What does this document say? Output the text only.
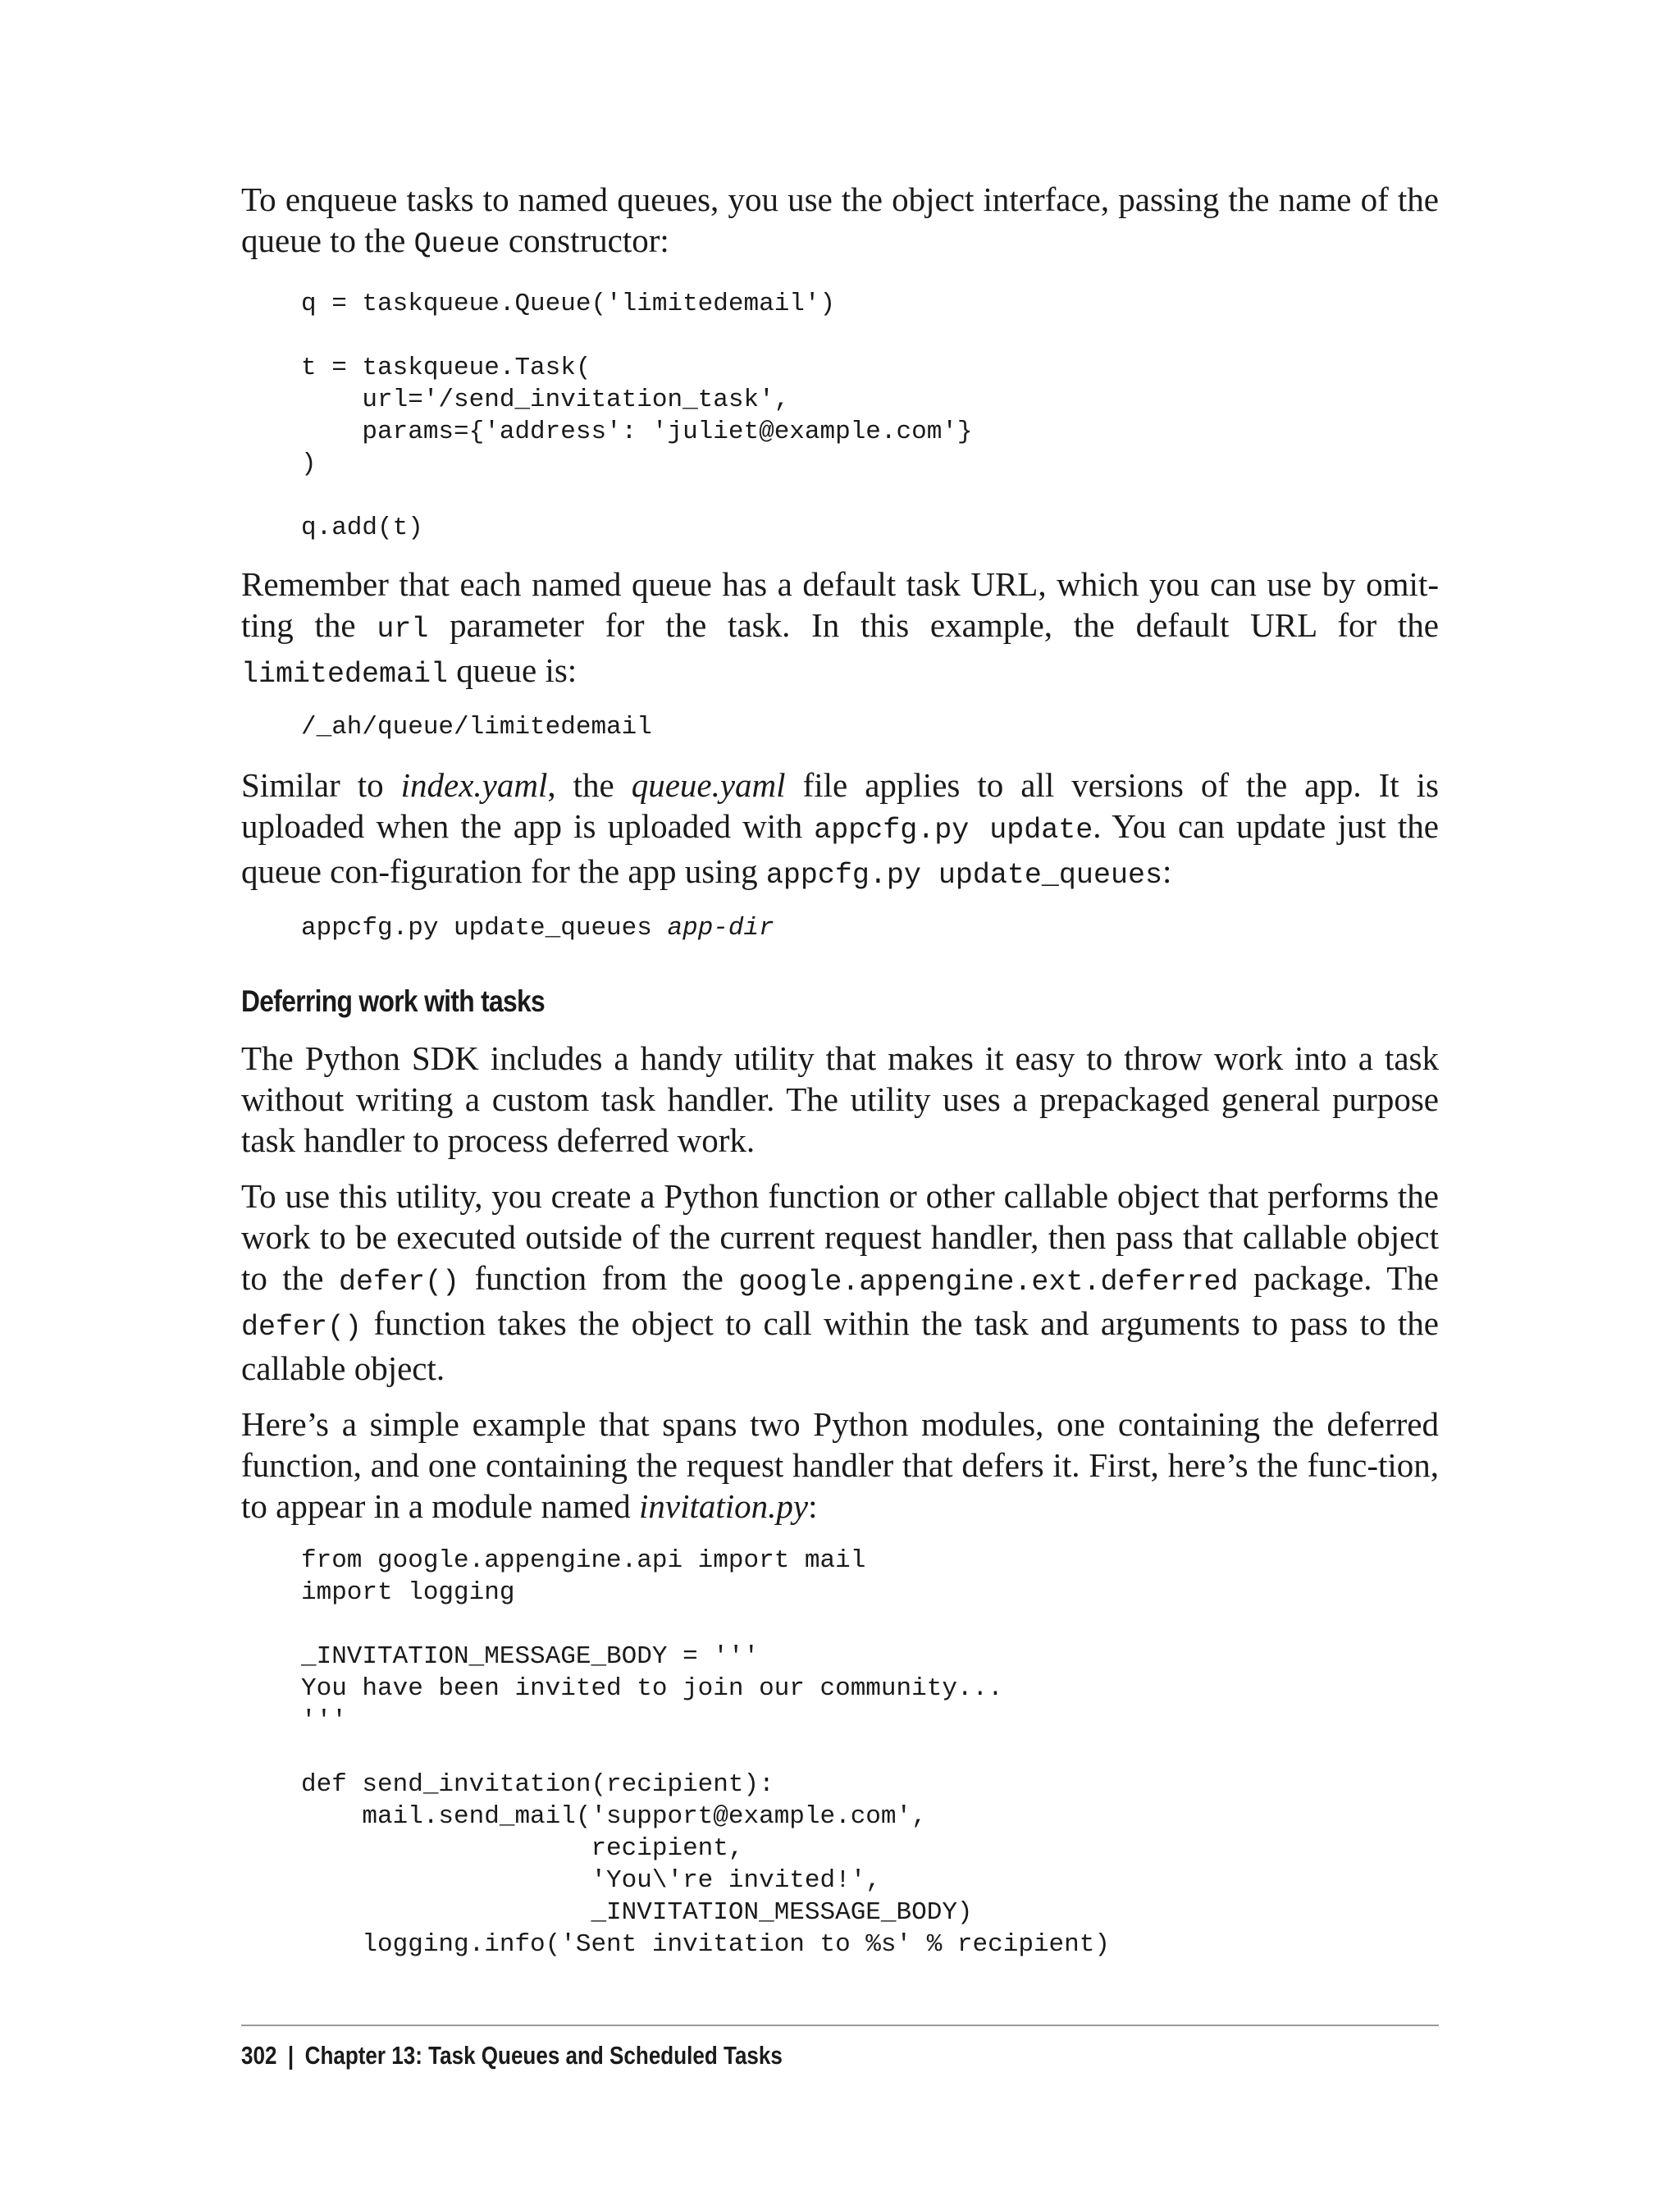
To enqueue tasks to named queues, you use the object interface, passing the name of the queue to the Queue constructor:

q = taskqueue.Queue('limitedemail')

t = taskqueue.Task(
url='/send_invitation_task',
params={'address': 'juliet@example.com'}
)

q.add(t)

Remember that each named queue has a default task URL, which you can use by omit-ting the url parameter for the task. In this example, the default URL for the limitedemail queue is:

/_ah/queue/limitedemail

Similar to index.yaml, the queue.yaml file applies to all versions of the app. It is uploaded when the app is uploaded with appcfg.py update. You can update just the queue con-figuration for the app using appcfg.py update_queues:

appcfg.py update_queues app-dir
Deferring work with tasks

The Python SDK includes a handy utility that makes it easy to throw work into a task without writing a custom task handler. The utility uses a prepackaged general purpose task handler to process deferred work.

To use this utility, you create a Python function or other callable object that performs the work to be executed outside of the current request handler, then pass that callable object to the defer() function from the google.appengine.ext.deferred package. The defer() function takes the object to call within the task and arguments to pass to the callable object.

Here’s a simple example that spans two Python modules, one containing the deferred function, and one containing the request handler that defers it. First, here’s the func-tion, to appear in a module named invitation.py:

from google.appengine.api import mail
import logging

_INVITATION_MESSAGE_BODY = '''
You have been invited to join our community...
'''

def send_invitation(recipient):
mail.send_mail('support@example.com',
recipient,
'You\'re invited!',
_INVITATION_MESSAGE_BODY)
logging.info('Sent invitation to %s' % recipient)
302 | Chapter 13: Task Queues and Scheduled Tasks
